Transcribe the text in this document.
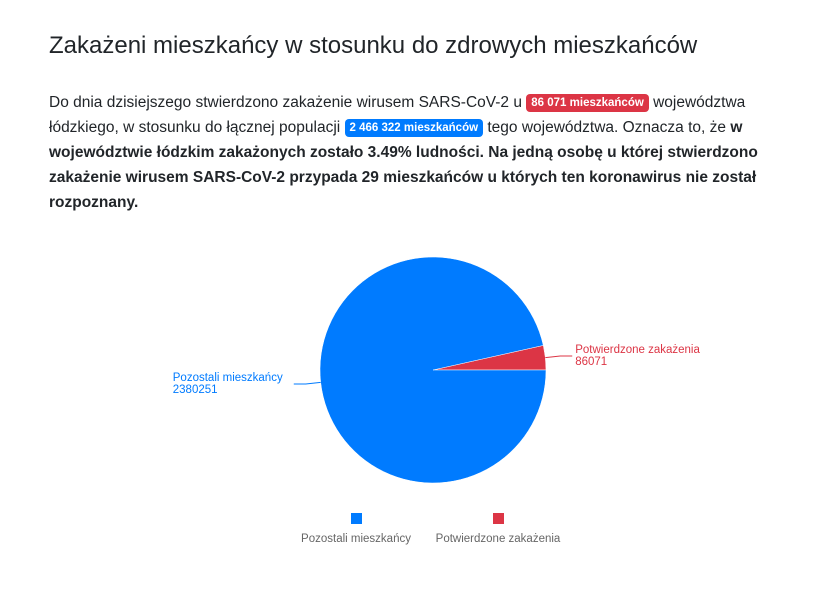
Zakażeni mieszkańcy w stosunku do zdrowych mieszkańców

Do dnia dzisiejszego stwierdzono zakażenie wirusem SARS-CoV-2 u 86 071 mieszkańców województwa łódzkiego, w stosunku do łącznej populacji 2 466 322 mieszkańców tego województwa. Oznacza to, że w województwie łódzkim zakażonych zostało 3.49% ludności. Na jedną osobę u której stwierdzono zakażenie wirusem SARS-CoV-2 przypada 29 mieszkańców u których ten koronawirus nie został rozpoznany.

Potwierdzone zakażenia
86071
Pozostali mieszkańcy
2380251
Pozostali mieszkańcy Potwierdzone zakażenia
